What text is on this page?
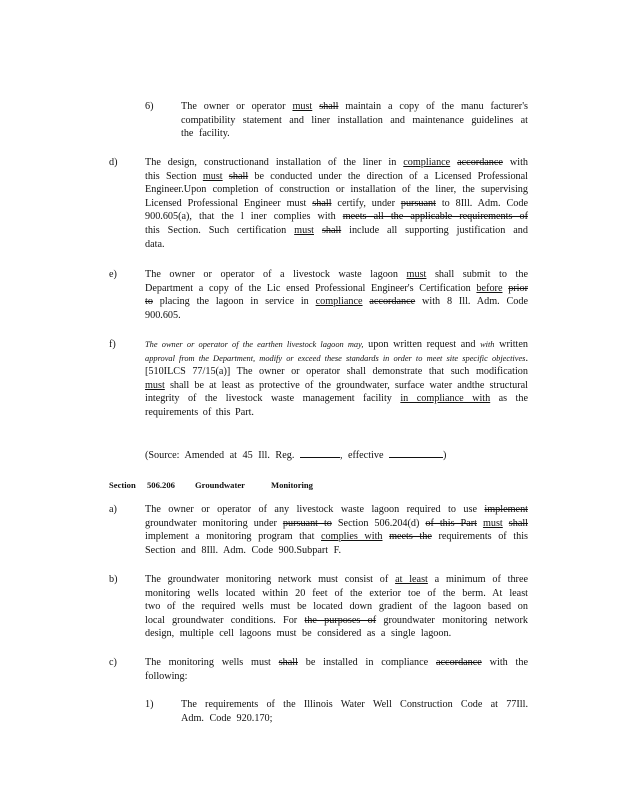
6)	The owner or operator must shall maintain a copy of the manu facturer's compatibility statement and liner installation and maintenance guidelines at the facility.
d)	The design, constructionand installation of the liner in compliance accordance with this Section must shall be conducted under the direction of a Licensed Professional Engineer.Upon completion of construction or installation of the liner, the supervising Licensed Professional Engineer must shall certify, under pursuant to 8Ill. Adm. Code 900.605(a), that the l iner complies with meets all the applicable requirements of this Section. Such certification must shall include all supporting justification and data.
e)	The owner or operator of a livestock waste lagoon must shall submit to the Department a copy of the Lic ensed Professional Engineer's Certification before prior to placing the lagoon in service in compliance accordance with 8 Ill. Adm. Code 900.605.
f)	The owner or operator of the earthen livestock lagoon may, upon written request and with written approval from the Department, modify or exceed these standards in order to meet site specific objectives. [510ILCS 77/15(a)] The owner or operator shall demonstrate that such modification must shall be at least as protective of the groundwater, surface water andthe structural integrity of the livestock waste management facility in compliance with as the requirements of this Part.
(Source: Amended at 45 Ill. Reg.	, effective	)
Section 506.206 Groundwater Monitoring
a)	The owner or operator of any livestock waste lagoon required to use implement groundwater monitoring under pursuant to Section 506.204(d) of this Part must shall implement a monitoring program that complies with meets the requirements of this Section and 8Ill. Adm. Code 900.Subpart F.
b)	The groundwater monitoring network must consist of at least a minimum of three monitoring wells located within 20 feet of the exterior toe of the berm. At least two of the required wells must be located down gradient of the lagoon based on local groundwater conditions. For the purposes of groundwater monitoring network design, multiple cell lagoons must be considered as a single lagoon.
c)	The monitoring wells must shall be installed in compliance accordance with the following:
1)	The requirements of the Illinois Water Well Construction Code at 77Ill. Adm. Code 920.170;
